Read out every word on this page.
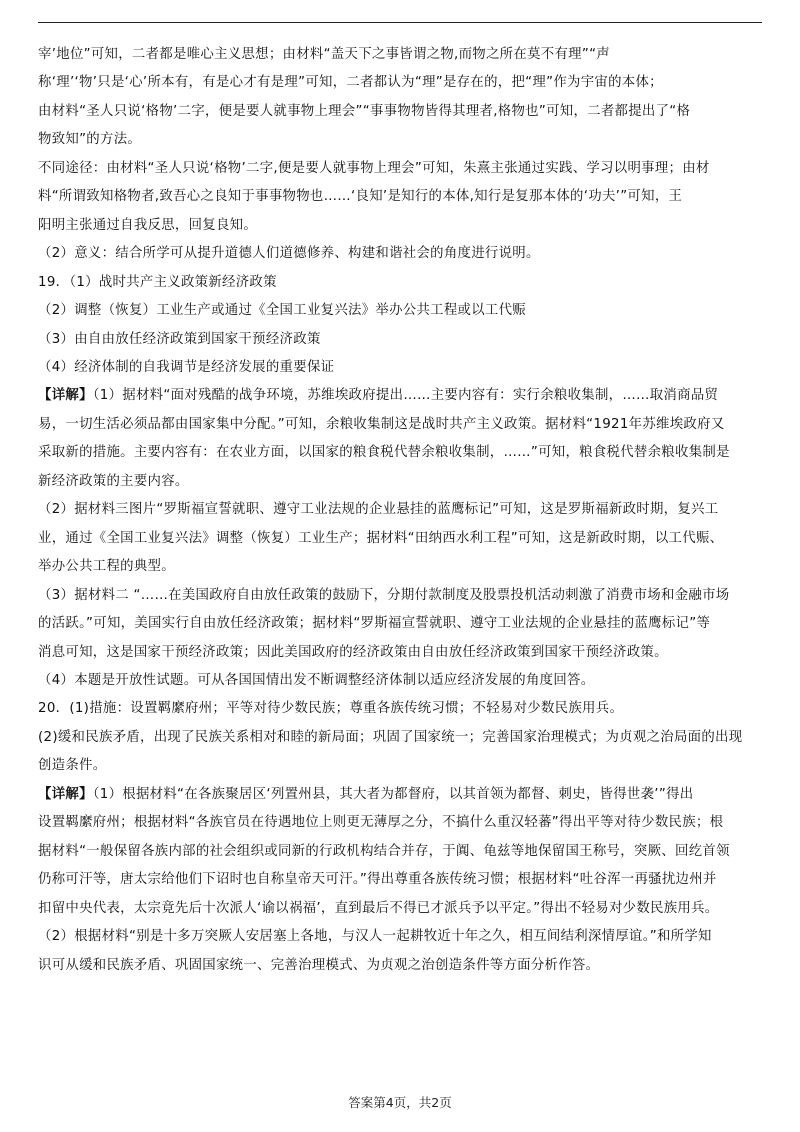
宰’地位”可知，二者都是唯心主义思想；由材料“盖天下之事皆谓之物,而物之所在莫不有理”“声
称‘理’‘物’只是‘心’所本有，有是心才有是理”可知，二者都认为“理”是存在的，把“理”作为宇宙的本体；
由材料“圣人只说‘格物’二字，便是要人就事物上理会”“事事物物皆得其理者,格物也”可知，二者都提出了“格
物致知”的方法。
不同途径：由材料“圣人只说‘格物’二字,便是要人就事物上理会”可知，朱熹主张通过实践、学习以明事理；由材
料“所谓致知格物者,致吾心之良知于事事物物也……‘良知’是知行的本体,知行是复那本体的‘功夫’”可知，王
阳明主张通过自我反思，回复良知。
（2）意义：结合所学可从提升道德人们道德修养、构建和谐社会的角度进行说明。
19．（1）战时共产主义政策新经济政策
（2）调整（恢复）工业生产或通过《全国工业复兴法》举办公共工程或以工代赈
（3）由自由放任经济政策到国家干预经济政策
（4）经济体制的自我调节是经济发展的重要保证
【详解】（1）据材料“面对残酷的战争环境，苏维埃政府提出……主要内容有：实行余粮收集制，……取消商品贸
易，一切生活必须品都由国家集中分配。”可知，余粮收集制这是战时共产主义政策。据材料“1921年苏维埃政府又
采取新的措施。主要内容有：在农业方面，以国家的粮食税代替余粮收集制，……”可知，粮食税代替余粮收集制是
新经济政策的主要内容。
（2）据材料三图片“罗斯福宣誓就职、遵守工业法规的企业悬挂的蓝鹰标记”可知，这是罗斯福新政时期，复兴工
业，通过《全国工业复兴法》调整（恢复）工业生产；据材料“田纳西水利工程”可知，这是新政时期，以工代赈、
举办公共工程的典型。
（3）据材料二 “……在美国政府自由放任政策的鼓励下，分期付款制度及股票投机活动刺激了消费市场和金融市场
的活跃。”可知，美国实行自由放任经济政策；据材料“罗斯福宣誓就职、遵守工业法规的企业悬挂的蓝鹰标记”等
消息可知，这是国家干预经济政策；因此美国政府的经济政策由自由放任经济政策到国家干预经济政策。
（4）本题是开放性试题。可从各国国情出发不断调整经济体制以适应经济发展的角度回答。
20．(1)措施：设置羁縻府州；平等对待少数民族；尊重各族传统习惯；不轻易对少数民族用兵。
(2)缓和民族矛盾，出现了民族关系相对和睦的新局面；巩固了国家统一；完善国家治理模式；为贞观之治局面的出现
创造条件。
【详解】（1）根据材料“在各族聚居区‘列置州县，其大者为都督府，以其首领为都督、刺史，皆得世袭’”得出
设置羁縻府州；根据材料“各族官员在待遇地位上则更无薄厚之分，不搞什么重汉轻蕃”得出平等对待少数民族；根
据材料“一般保留各族内部的社会组织或同新的行政机构结合并存，于阗、龟兹等地保留国王称号，突厥、回纥首领
仍称可汗等，唐太宗给他们下诏时也自称皇帝天可汗。”得出尊重各族传统习惯；根据材料“吐谷浑一再骚扰边州并
扣留中央代表，太宗竟先后十次派人‘谕以祸福’，直到最后不得已才派兵予以平定。”得出不轻易对少数民族用兵。
（2）根据材料“别是十多万突厥人安居塞上各地，与汉人一起耕牧近十年之久，相互间结利深情厚谊。”和所学知
识可从缓和民族矛盾、巩固国家统一、完善治理模式、为贞观之治创造条件等方面分析作答。
答案第4页，共2页
